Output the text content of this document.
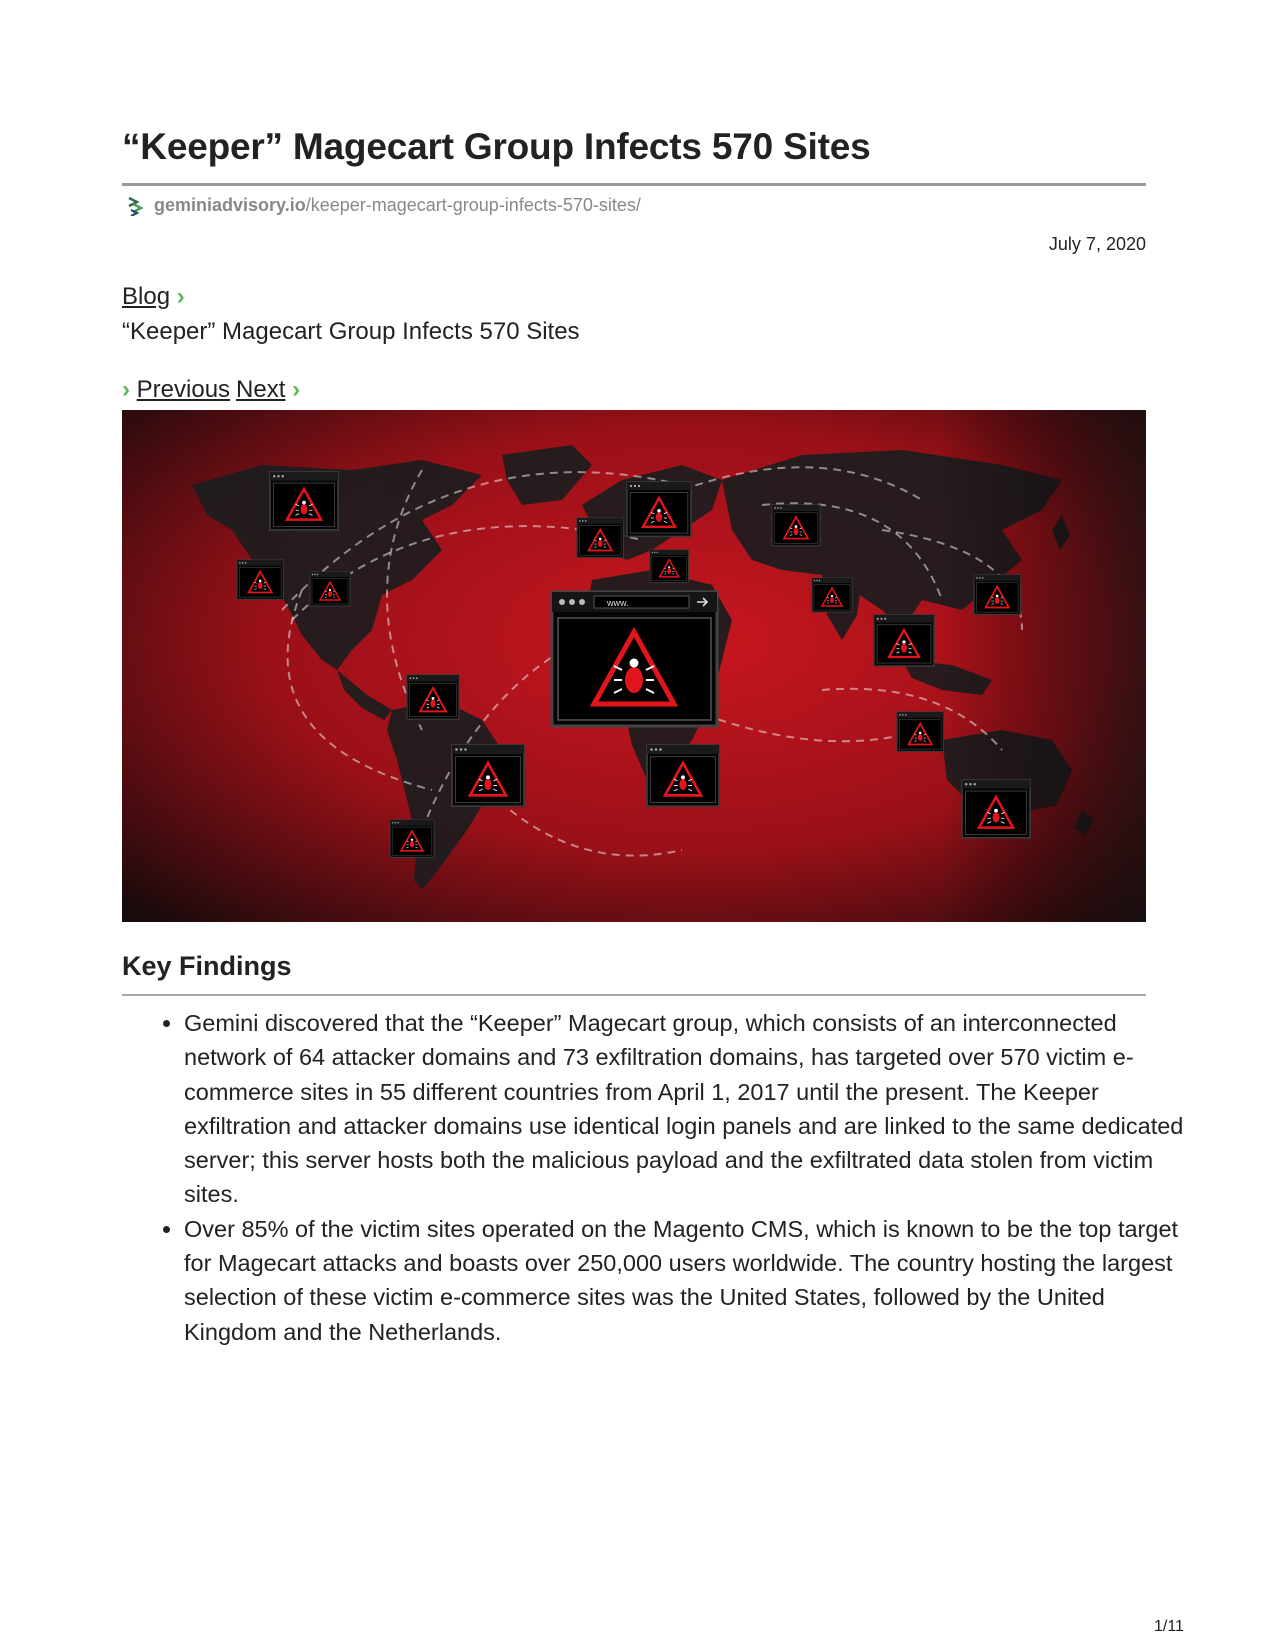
“Keeper” Magecart Group Infects 570 Sites
geminiadvisory.io /keeper-magecart-group-infects-570-sites/
July 7, 2020
Blog ›
“Keeper” Magecart Group Infects 570 Sites
› Previous Next ›
www.
Key Findings
• Gemini discovered that the “Keeper” Magecart group, which consists of an interconnected network of 64 attacker domains and 73 exfiltration domains, has targeted over 570 victim e-commerce sites in 55 different countries from April 1, 2017 until the present. The Keeper exfiltration and attacker domains use identical login panels and are linked to the same dedicated server; this server hosts both the malicious payload and the exfiltrated data stolen from victim sites.
• Over 85% of the victim sites operated on the Magento CMS, which is known to be the top target for Magecart attacks and boasts over 250,000 users worldwide. The country hosting the largest selection of these victim e-commerce sites was the United States, followed by the United Kingdom and the Netherlands.
1/11
